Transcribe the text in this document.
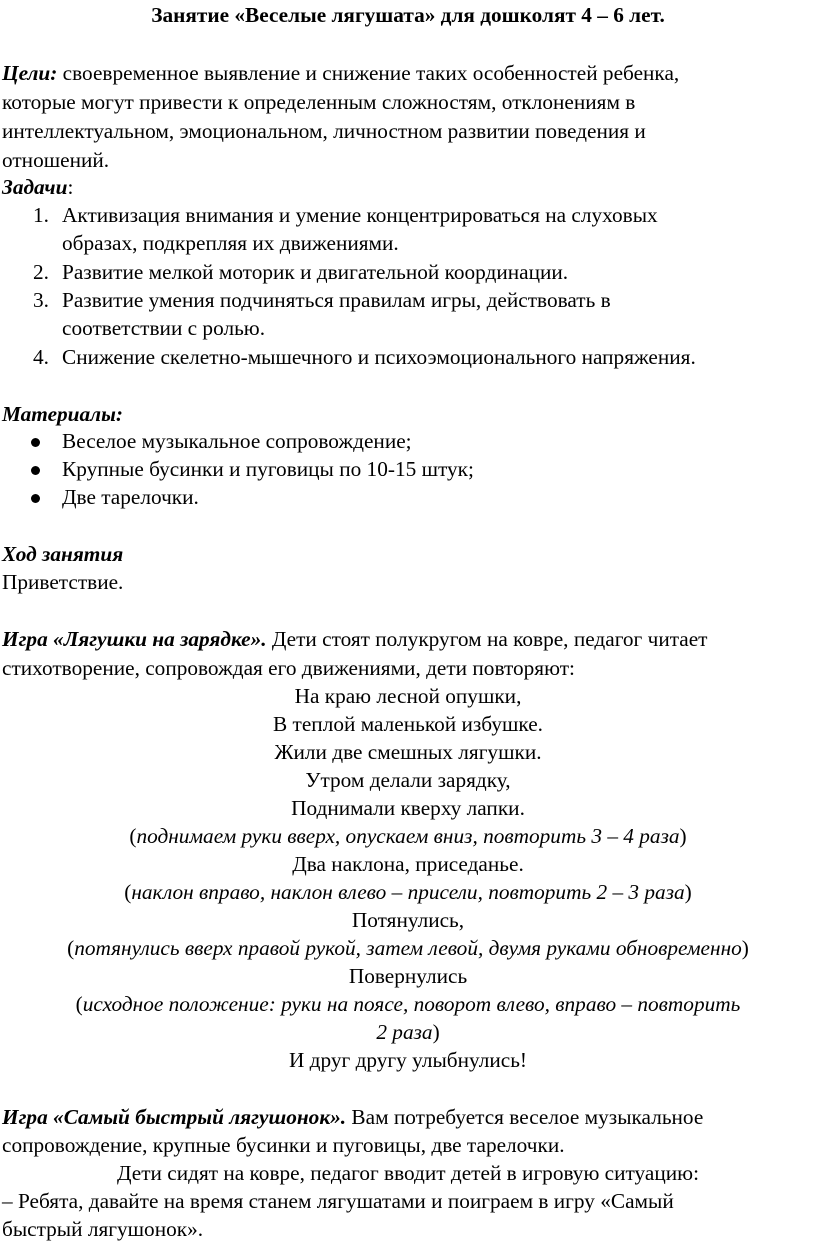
Занятие «Веселые лягушата» для дошколят 4 – 6 лет.
Цели: своевременное выявление и снижение таких особенностей ребенка,
которые могут привести к определенным сложностям, отклонениям в
интеллектуальном, эмоциональном, личностном развитии поведения и
отношений.
Задачи:
1. Активизация внимания и умение концентрироваться на слуховых
образах, подкрепляя их движениями.
2. Развитие мелкой моторик и двигательной координации.
3. Развитие умения подчиняться правилам игры, действовать в
соответствии с ролью.
4. Снижение скелетно-мышечного и психоэмоционального напряжения.
Материалы:
Веселое музыкальное сопровождение;
Крупные бусинки и пуговицы по 10-15 штук;
Две тарелочки.
Ход занятия
Приветствие.
Игра «Лягушки на зарядке». Дети стоят полукругом на ковре, педагог читает
стихотворение, сопровождая его движениями, дети повторяют:
На краю лесной опушки,
В теплой маленькой избушке.
Жили две смешных лягушки.
Утром делали зарядку,
Поднимали кверху лапки.
(поднимаем руки вверх, опускаем вниз, повторить 3 – 4 раза)
Два наклона, приседанье.
(наклон вправо, наклон влево – присели, повторить 2 – 3 раза)
Потянулись,
(потянулись вверх правой рукой, затем левой, двумя руками обновременно)
Повернулись
(исходное положение: руки на поясе, поворот влево, вправо – повторить
2 раза)
И друг другу улыбнулись!
Игра «Самый быстрый лягушонок». Вам потребуется веселое музыкальное
сопровождение, крупные бусинки и пуговицы, две тарелочки.
Дети сидят на ковре, педагог вводит детей в игровую ситуацию:
– Ребята, давайте на время станем лягушатами и поиграем в игру «Самый
быстрый лягушонок».
